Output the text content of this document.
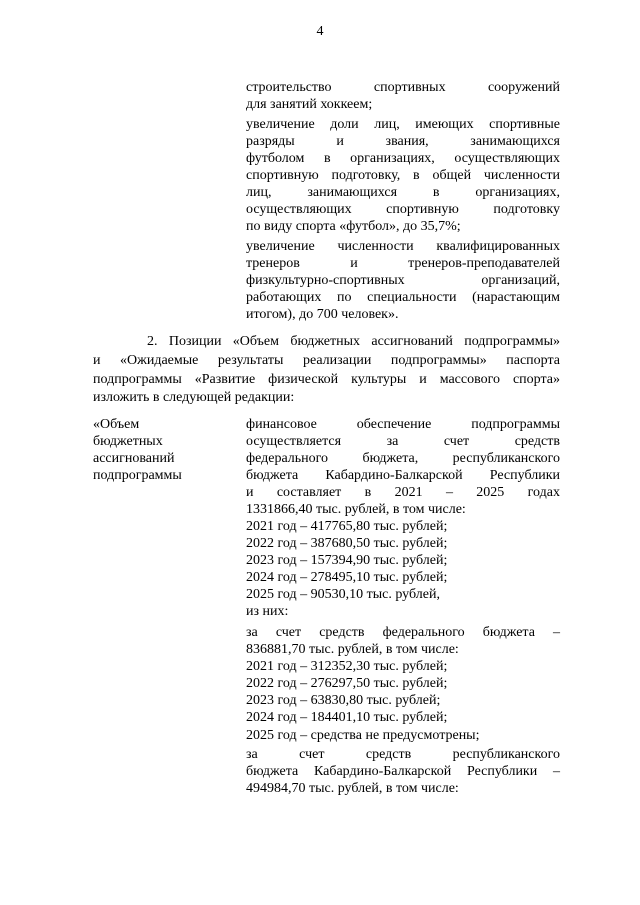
4
строительство спортивных сооружений
для занятий хоккеем;
увеличение доли лиц, имеющих спортивные
разряды и звания, занимающихся
футболом в организациях, осуществляющих
спортивную подготовку, в общей численности
лиц, занимающихся в организациях,
осуществляющих спортивную подготовку
по виду спорта «футбол», до 35,7%;
увеличение численности квалифицированных
тренеров и тренеров-преподавателей
физкультурно-спортивных организаций,
работающих по специальности (нарастающим
итогом), до 700 человек».
2. Позиции «Объем бюджетных ассигнований подпрограммы»
и «Ожидаемые результаты реализации подпрограммы» паспорта
подпрограммы «Развитие физической культуры и массового спорта»
изложить в следующей редакции:
«Объем
бюджетных
ассигнований
подпрограммы
финансовое обеспечение подпрограммы
осуществляется за счет средств
федерального бюджета, республиканского
бюджета Кабардино-Балкарской Республики
и составляет в 2021 – 2025 годах
1331866,40 тыс. рублей, в том числе:
2021 год – 417765,80 тыс. рублей;
2022 год – 387680,50 тыс. рублей;
2023 год – 157394,90 тыс. рублей;
2024 год – 278495,10 тыс. рублей;
2025 год – 90530,10 тыс. рублей,
из них:
за счет средств федерального бюджета –
836881,70 тыс. рублей, в том числе:
2021 год – 312352,30 тыс. рублей;
2022 год – 276297,50 тыс. рублей;
2023 год – 63830,80 тыс. рублей;
2024 год – 184401,10 тыс. рублей;
2025 год – средства не предусмотрены;
за счет средств республиканского
бюджета Кабардино-Балкарской Республики –
494984,70 тыс. рублей, в том числе:
